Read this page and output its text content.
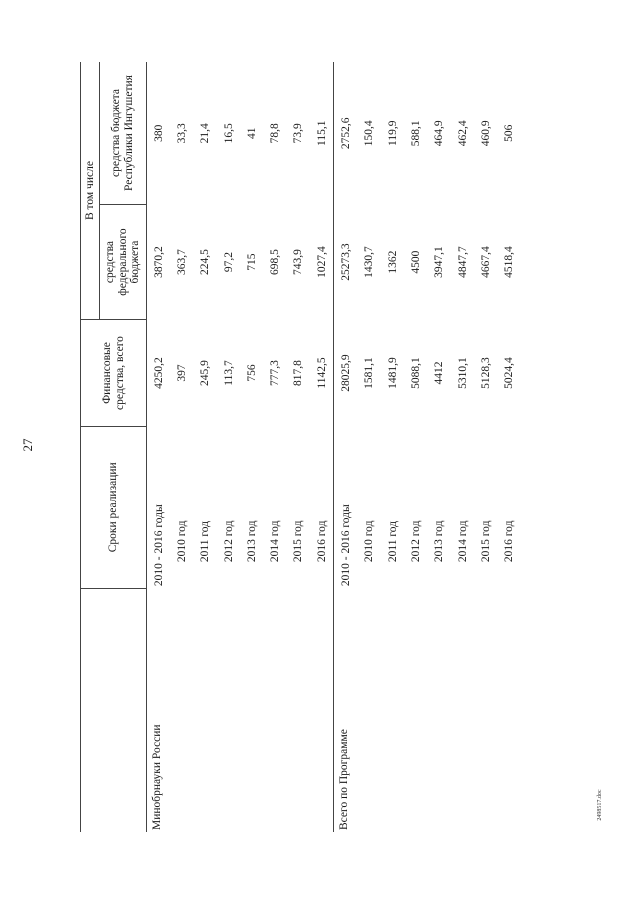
27
2498517.doc
	Сроки реализации	Финансовые средства, всего	В том числе	
			средства федерального бюджета	средства бюджета Республики Ингушетия
Минобрнауки России	2010 - 2016 годы	4250,2	3870,2	380
	2010 год	397	363,7	33,3
	2011 год	245,9	224,5	21,4
	2012 год	113,7	97,2	16,5
	2013 год	756	715	41
	2014 год	777,3	698,5	78,8
	2015 год	817,8	743,9	73,9
	2016 год	1142,5	1027,4	115,1
Всего по Программе	2010 - 2016 годы	28025,9	25273,3	2752,6
	2010 год	1581,1	1430,7	150,4
	2011 год	1481,9	1362	119,9
	2012 год	5088,1	4500	588,1
	2013 год	4412	3947,1	464,9
	2014 год	5310,1	4847,7	462,4
	2015 год	5128,3	4667,4	460,9
	2016 год	5024,4	4518,4	506
